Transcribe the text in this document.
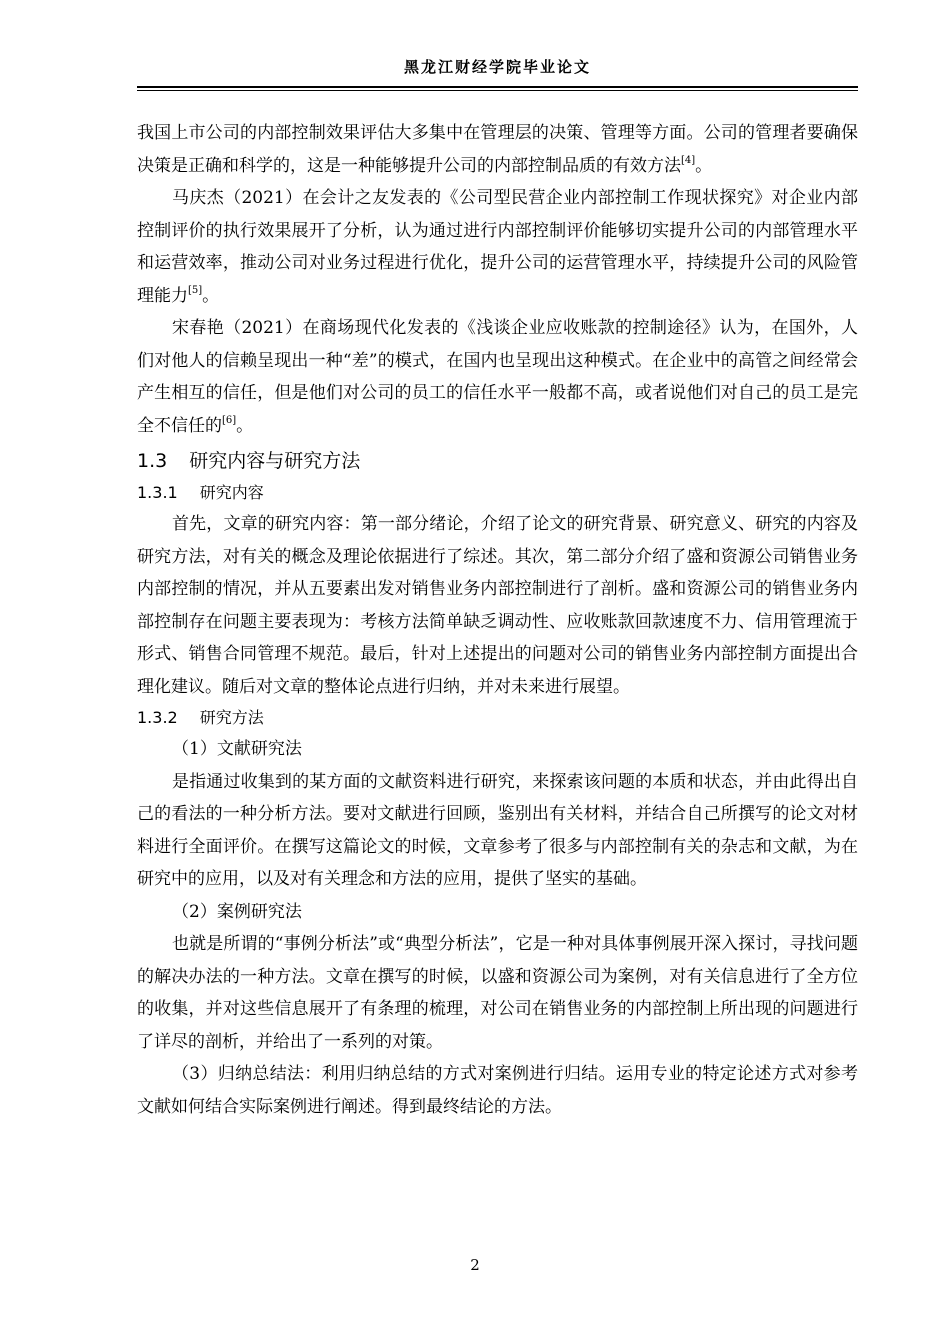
黑龙江财经学院毕业论文

我国上市公司的内部控制效果评估大多集中在管理层的决策、管理等方面。公司的管理者要确保决策是正确和科学的，这是一种能够提升公司的内部控制品质的有效方法[4]。

马庆杰（2021）在会计之友发表的《公司型民营企业内部控制工作现状探究》对企业内部控制评价的执行效果展开了分析，认为通过进行内部控制评价能够切实提升公司的内部管理水平和运营效率，推动公司对业务过程进行优化，提升公司的运营管理水平，持续提升公司的风险管理能力[5]。

宋春艳（2021）在商场现代化发表的《浅谈企业应收账款的控制途径》认为，在国外，人们对他人的信赖呈现出一种“差”的模式，在国内也呈现出这种模式。在企业中的高管之间经常会产生相互的信任，但是他们对公司的员工的信任水平一般都不高，或者说他们对自己的员工是完全不信任的[6]。

1.3 研究内容与研究方法
1.3.1 研究内容

首先，文章的研究内容：第一部分绪论，介绍了论文的研究背景、研究意义、研究的内容及研究方法，对有关的概念及理论依据进行了综述。其次，第二部分介绍了盛和资源公司销售业务内部控制的情况，并从五要素出发对销售业务内部控制进行了剖析。盛和资源公司的销售业务内部控制存在问题主要表现为：考核方法简单缺乏调动性、应收账款回款速度不力、信用管理流于形式、销售合同管理不规范。最后，针对上述提出的问题对公司的销售业务内部控制方面提出合理化建议。随后对文章的整体论点进行归纳，并对未来进行展望。

1.3.2 研究方法

（1）文献研究法

是指通过收集到的某方面的文献资料进行研究，来探索该问题的本质和状态，并由此得出自己的看法的一种分析方法。要对文献进行回顾，鉴别出有关材料，并结合自己所撰写的论文对材料进行全面评价。在撰写这篇论文的时候，文章参考了很多与内部控制有关的杂志和文献，为在研究中的应用，以及对有关理念和方法的应用，提供了坚实的基础。

（2）案例研究法

也就是所谓的“事例分析法”或“典型分析法”，它是一种对具体事例展开深入探讨，寻找问题的解决办法的一种方法。文章在撰写的时候，以盛和资源公司为案例，对有关信息进行了全方位的收集，并对这些信息展开了有条理的梳理，对公司在销售业务的内部控制上所出现的问题进行了详尽的剖析，并给出了一系列的对策。

（3）归纳总结法：利用归纳总结的方式对案例进行归结。运用专业的特定论述方式对参考文献如何结合实际案例进行阐述。得到最终结论的方法。

2
